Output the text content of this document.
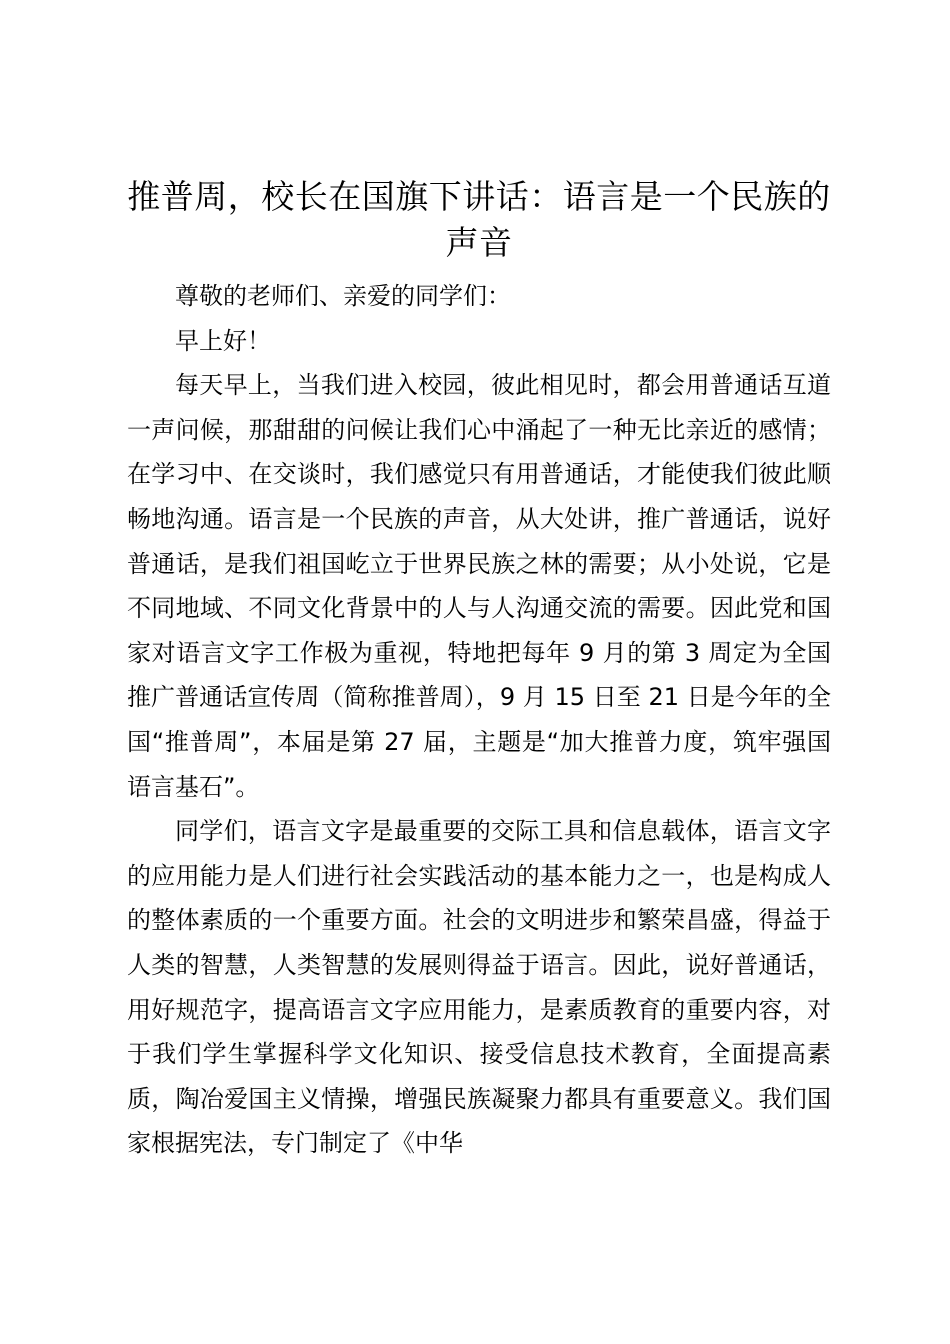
推普周，校长在国旗下讲话：语言是一个民族的声音

尊敬的老师们、亲爱的同学们：

早上好！

每天早上，当我们进入校园，彼此相见时，都会用普通话互道一声问候，那甜甜的问候让我们心中涌起了一种无比亲近的感情；在学习中、在交谈时，我们感觉只有用普通话，才能使我们彼此顺畅地沟通。语言是一个民族的声音，从大处讲，推广普通话，说好普通话，是我们祖国屹立于世界民族之林的需要；从小处说，它是不同地域、不同文化背景中的人与人沟通交流的需要。因此党和国家对语言文字工作极为重视，特地把每年 9 月的第 3 周定为全国推广普通话宣传周（简称推普周），9 月 15 日至 21 日是今年的全国“推普周”，本届是第 27 届，主题是“加大推普力度，筑牢强国语言基石”。

同学们，语言文字是最重要的交际工具和信息载体，语言文字的应用能力是人们进行社会实践活动的基本能力之一，也是构成人的整体素质的一个重要方面。社会的文明进步和繁荣昌盛，得益于人类的智慧，人类智慧的发展则得益于语言。因此，说好普通话，用好规范字，提高语言文字应用能力，是素质教育的重要内容，对于我们学生掌握科学文化知识、接受信息技术教育，全面提高素质，陶冶爱国主义情操，增强民族凝聚力都具有重要意义。我们国家根据宪法，专门制定了《中华
